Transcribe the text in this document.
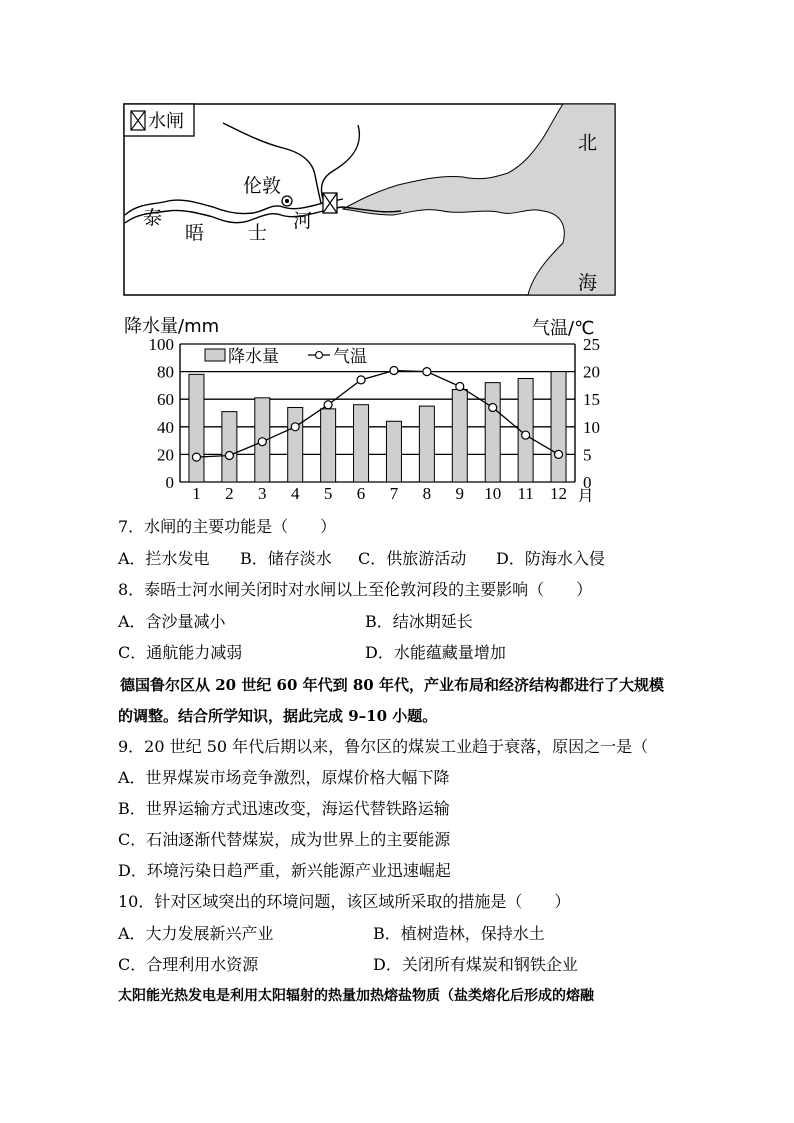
水闸
伦敦
泰
晤 士
河
北
海
降水量/mm	气温/℃
100
80
60
40
20
0
25
20
15
10
5
0
1 2 3 4 5 6 7 8 9 10 11 12 月
降水量	气温
7．水闸的主要功能是（　　）
A．拦水发电 B．储存淡水 C．供旅游活动 D．防海水入侵
8．泰晤士河水闸关闭时对水闸以上至伦敦河段的主要影响（　　）
A．含沙量减小	B．结冰期延长
C．通航能力减弱	D．水能蕴藏量增加
德国鲁尔区从 20 世纪 60 年代到 80 年代，产业布局和经济结构都进行了大规模
的调整。结合所学知识，据此完成 9–10 小题。
9．20 世纪 50 年代后期以来，鲁尔区的煤炭工业趋于衰落，原因之一是（
A．世界煤炭市场竞争激烈，原煤价格大幅下降
B．世界运输方式迅速改变，海运代替铁路运输
C．石油逐渐代替煤炭，成为世界上的主要能源
D．环境污染日趋严重，新兴能源产业迅速崛起
10．针对区域突出的环境问题，该区域所采取的措施是（　　）
A．大力发展新兴产业	B．植树造林，保持水土
C．合理利用水资源	D．关闭所有煤炭和钢铁企业
太阳能光热发电是利用太阳辐射的热量加热熔盐物质（盐类熔化后形成的熔融
